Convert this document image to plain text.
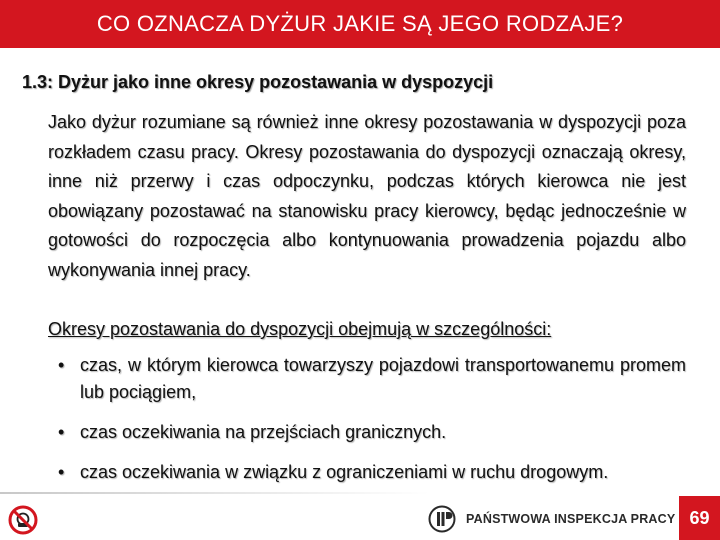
CO OZNACZA DYŻUR JAKIE SĄ JEGO RODZAJE?
1.3: Dyżur jako inne okresy pozostawania w dyspozycji

Jako dyżur rozumiane są również inne okresy pozostawania w dyspozycji poza rozkładem czasu pracy. Okresy pozostawania do dyspozycji oznaczają okresy, inne niż przerwy i czas odpoczynku, podczas których kierowca nie jest obowiązany pozostawać na stanowisku pracy kierowcy, będąc jednocześnie w gotowości do rozpoczęcia albo kontynuowania prowadzenia pojazdu albo wykonywania innej pracy.

Okresy pozostawania do dyspozycji obejmują w szczególności:
• czas, w którym kierowca towarzyszy pojazdowi transportowanemu promem lub pociągiem,
• czas oczekiwania na przejściach granicznych.
• czas oczekiwania w związku z ograniczeniami w ruchu drogowym.
PAŃSTWOWA INSPEKCJA PRACY 69
